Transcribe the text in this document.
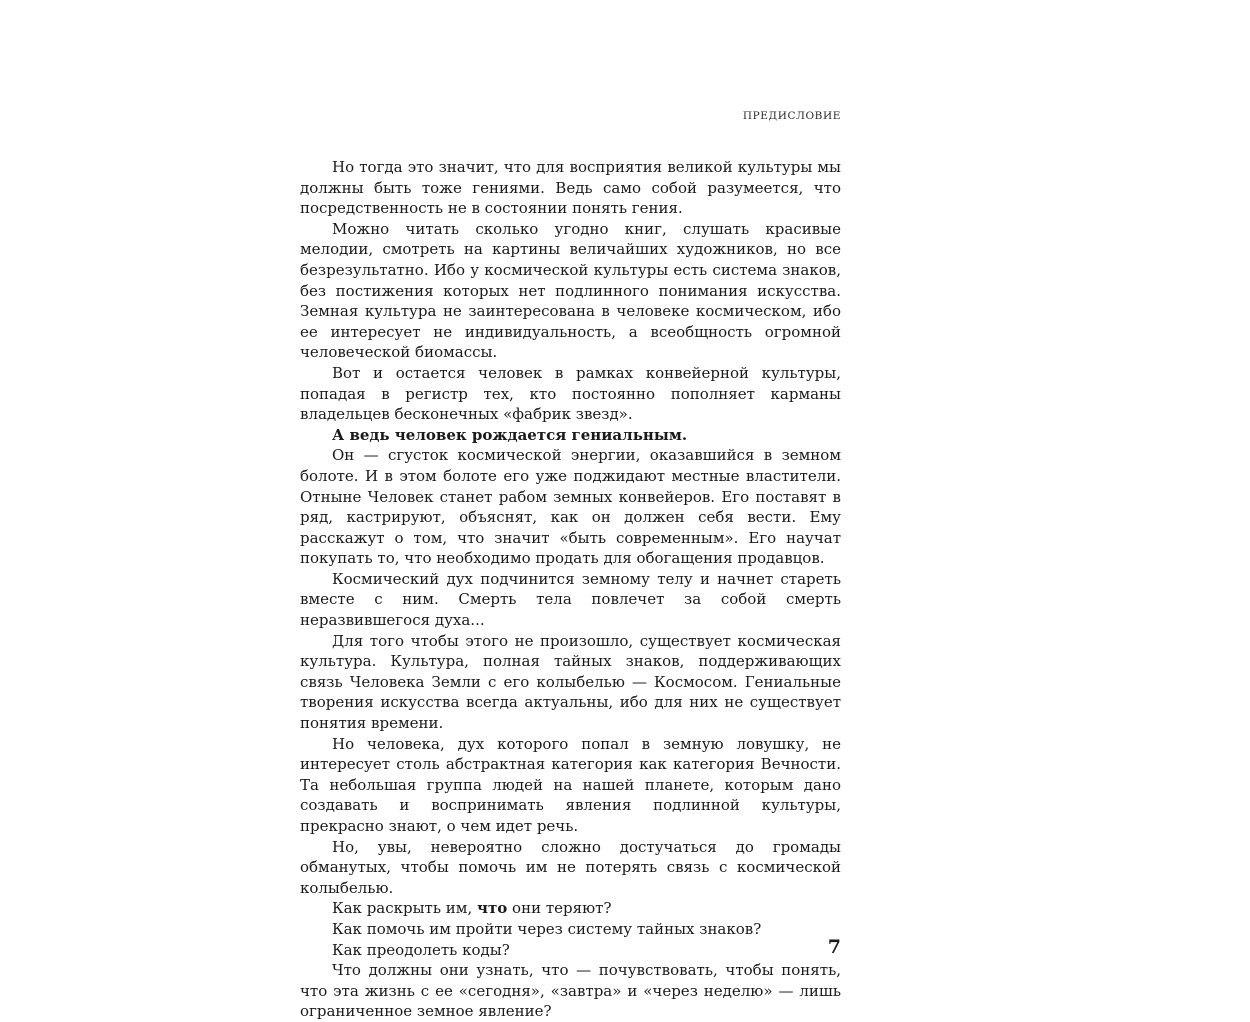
ПРЕДИСЛОВИЕ

Но тогда это значит, что для восприятия великой культуры мы должны быть тоже гениями. Ведь само собой разумеется, что посредственность не в состоянии понять гения.

Можно читать сколько угодно книг, слушать красивые мелодии, смотреть на картины величайших художников, но все безрезультатно. Ибо у космической культуры есть система знаков, без постижения которых нет подлинного понимания искусства. Земная культура не заинтересована в человеке космическом, ибо ее интересует не индивидуальность, а всеобщность огромной человеческой биомассы.

Вот и остается человек в рамках конвейерной культуры, попадая в регистр тех, кто постоянно пополняет карманы владельцев бесконечных «фабрик звезд».

А ведь человек рождается гениальным.

Он — сгусток космической энергии, оказавшийся в земном болоте. И в этом болоте его уже поджидают местные властители. Отныне Человек станет рабом земных конвейеров. Его поставят в ряд, кастрируют, объяснят, как он должен себя вести. Ему расскажут о том, что значит «быть современным». Его научат покупать то, что необходимо продать для обогащения продавцов.

Космический дух подчинится земному телу и начнет стареть вместе с ним. Смерть тела повлечет за собой смерть неразвившегося духа...

Для того чтобы этого не произошло, существует космическая культура. Культура, полная тайных знаков, поддерживающих связь Человека Земли с его колыбелью — Космосом. Гениальные творения искусства всегда актуальны, ибо для них не существует понятия времени.

Но человека, дух которого попал в земную ловушку, не интересует столь абстрактная категория как категория Вечности. Та небольшая группа людей на нашей планете, которым дано создавать и воспринимать явления подлинной культуры, прекрасно знают, о чем идет речь.

Но, увы, невероятно сложно достучаться до громады обманутых, чтобы помочь им не потерять связь с космической колыбелью.

Как раскрыть им, что они теряют?

Как помочь им пройти через систему тайных знаков?

Как преодолеть коды?

Что должны они узнать, что — почувствовать, чтобы понять, что эта жизнь с ее «сегодня», «завтра» и «через неделю» — лишь ограниченное земное явление?

7
